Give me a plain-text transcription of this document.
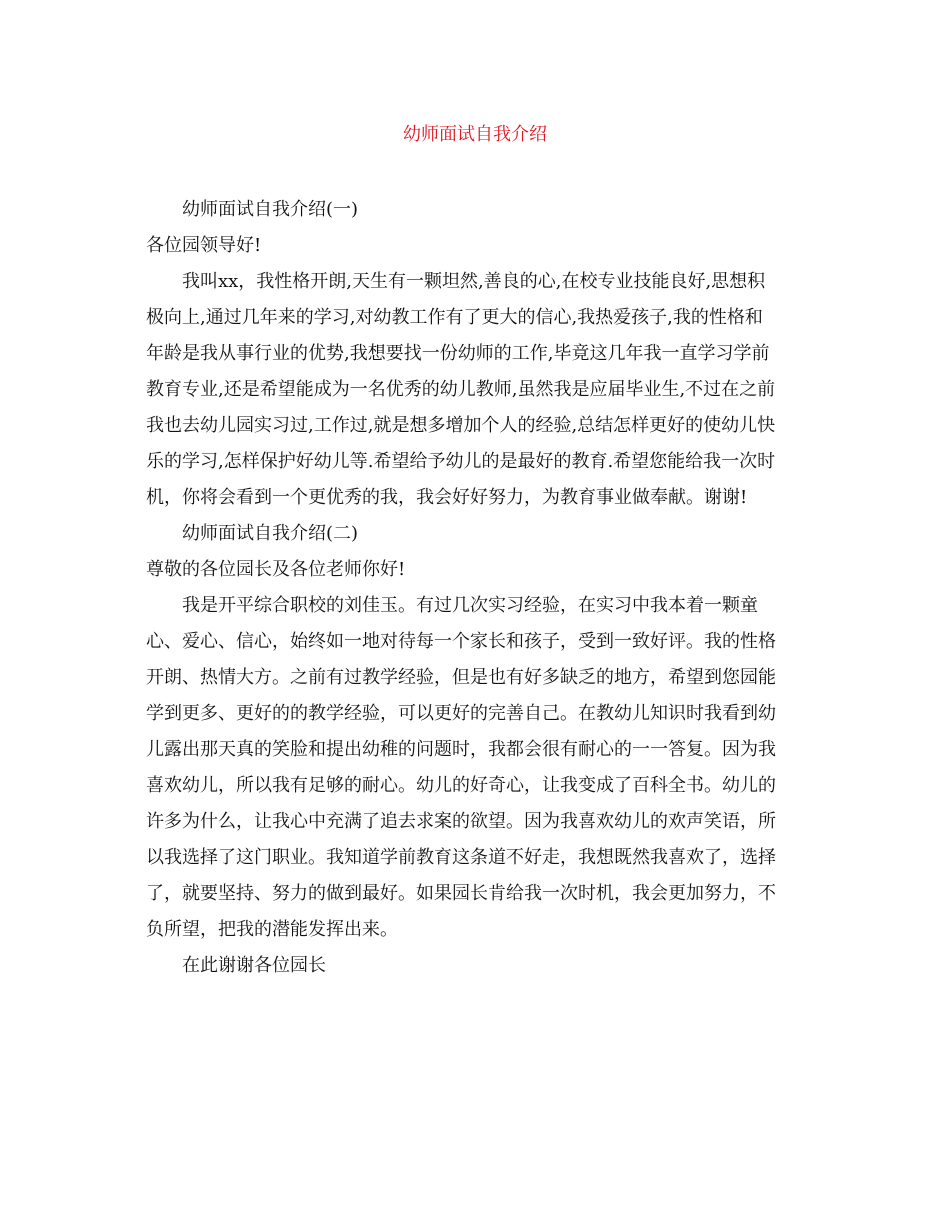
幼师面试自我介绍
幼师面试自我介绍(一)
各位园领导好!
我叫xx，我性格开朗,天生有一颗坦然,善良的心,在校专业技能良好,思想积
极向上,通过几年来的学习,对幼教工作有了更大的信心,我热爱孩子,我的性格和
年龄是我从事行业的优势,我想要找一份幼师的工作,毕竟这几年我一直学习学前
教育专业,还是希望能成为一名优秀的幼儿教师,虽然我是应届毕业生,不过在之前
我也去幼儿园实习过,工作过,就是想多增加个人的经验,总结怎样更好的使幼儿快
乐的学习,怎样保护好幼儿等.希望给予幼儿的是最好的教育.希望您能给我一次时
机，你将会看到一个更优秀的我，我会好好努力，为教育事业做奉献。谢谢!
幼师面试自我介绍(二)
尊敬的各位园长及各位老师你好!
我是开平综合职校的刘佳玉。有过几次实习经验，在实习中我本着一颗童
心、爱心、信心，始终如一地对待每一个家长和孩子，受到一致好评。我的性格
开朗、热情大方。之前有过教学经验，但是也有好多缺乏的地方，希望到您园能
学到更多、更好的的教学经验，可以更好的完善自己。在教幼儿知识时我看到幼
儿露出那天真的笑脸和提出幼稚的问题时，我都会很有耐心的一一答复。因为我
喜欢幼儿，所以我有足够的耐心。幼儿的好奇心，让我变成了百科全书。幼儿的
许多为什么，让我心中充满了追去求案的欲望。因为我喜欢幼儿的欢声笑语，所
以我选择了这门职业。我知道学前教育这条道不好走，我想既然我喜欢了，选择
了，就要坚持、努力的做到最好。如果园长肯给我一次时机，我会更加努力，不
负所望，把我的潜能发挥出来。
在此谢谢各位园长
